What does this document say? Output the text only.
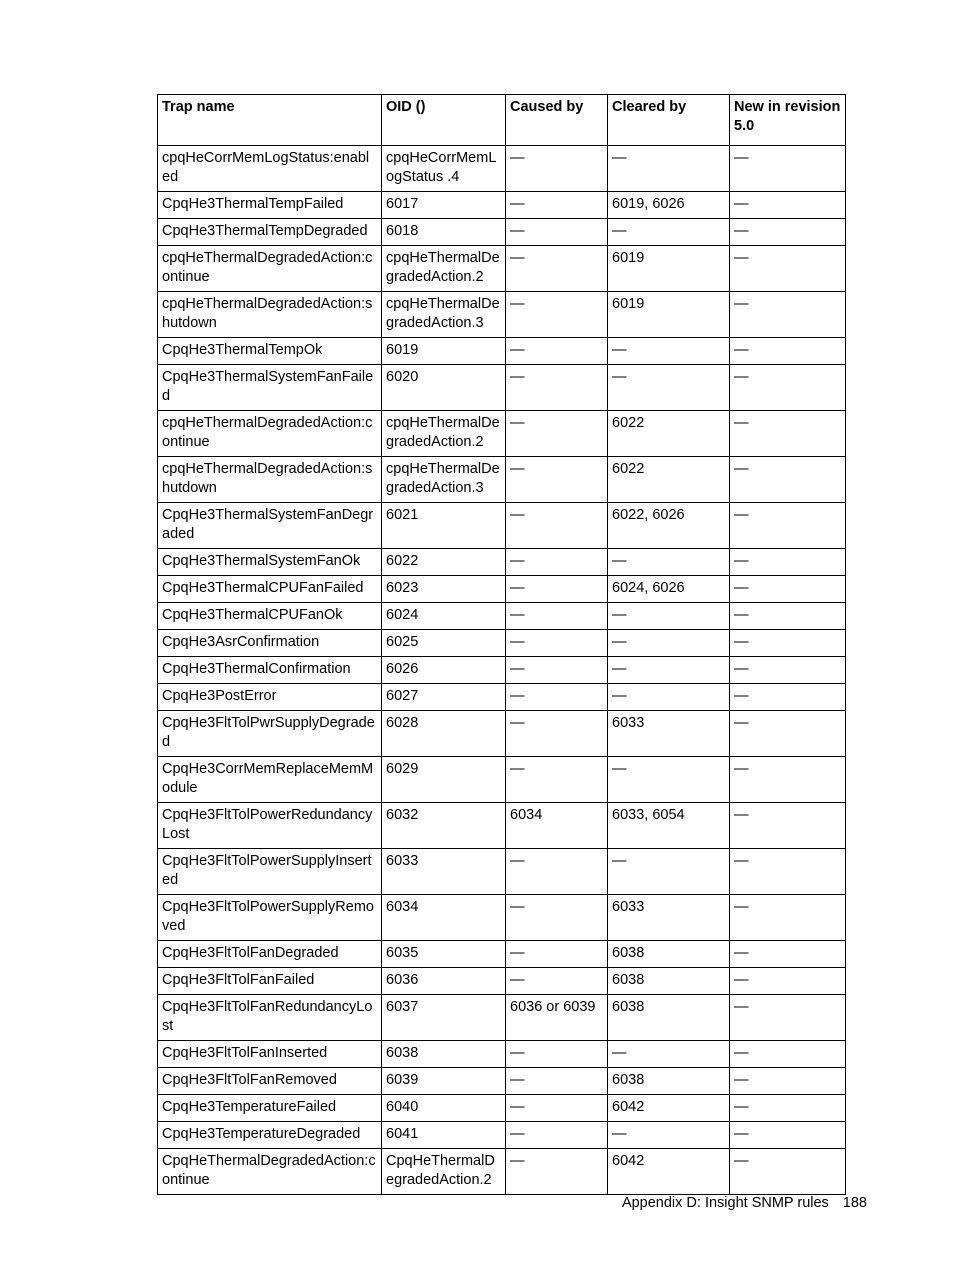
Trap name	OID ()	Caused by	Cleared by	New in revision 5.0
cpqHeCorrMemLogStatus:enabled	cpqHeCorrMemLogStatus .4	—	—	—
CpqHe3ThermalTempFailed	6017	—	6019, 6026	—
CpqHe3ThermalTempDegraded	6018	—	—	—
cpqHeThermalDegradedAction:continue	cpqHeThermalDegradedAction.2	—	6019	—
cpqHeThermalDegradedAction:shutdown	cpqHeThermalDegradedAction.3	—	6019	—
CpqHe3ThermalTempOk	6019	—	—	—
CpqHe3ThermalSystemFanFailed	6020	—	—	—
cpqHeThermalDegradedAction:continue	cpqHeThermalDegradedAction.2	—	6022	—
cpqHeThermalDegradedAction:shutdown	cpqHeThermalDegradedAction.3	—	6022	—
CpqHe3ThermalSystemFanDegraded	6021	—	6022, 6026	—
CpqHe3ThermalSystemFanOk	6022	—	—	—
CpqHe3ThermalCPUFanFailed	6023	—	6024, 6026	—
CpqHe3ThermalCPUFanOk	6024	—	—	—
CpqHe3AsrConfirmation	6025	—	—	—
CpqHe3ThermalConfirmation	6026	—	—	—
CpqHe3PostError	6027	—	—	—
CpqHe3FltTolPwrSupplyDegraded	6028	—	6033	—
CpqHe3CorrMemReplaceMemModule	6029	—	—	—
CpqHe3FltTolPowerRedundancyLost	6032	6034	6033, 6054	—
CpqHe3FltTolPowerSupplyInserted	6033	—	—	—
CpqHe3FltTolPowerSupplyRemoved	6034	—	6033	—
CpqHe3FltTolFanDegraded	6035	—	6038	—
CpqHe3FltTolFanFailed	6036	—	6038	—
CpqHe3FltTolFanRedundancyLost	6037	6036 or 6039	6038	—
CpqHe3FltTolFanInserted	6038	—	—	—
CpqHe3FltTolFanRemoved	6039	—	6038	—
CpqHe3TemperatureFailed	6040	—	6042	—
CpqHe3TemperatureDegraded	6041	—	—	—
CpqHeThermalDegradedAction:continue	CpqHeThermalDegradedAction.2	—	6042	—
Appendix D: Insight SNMP rules 188
